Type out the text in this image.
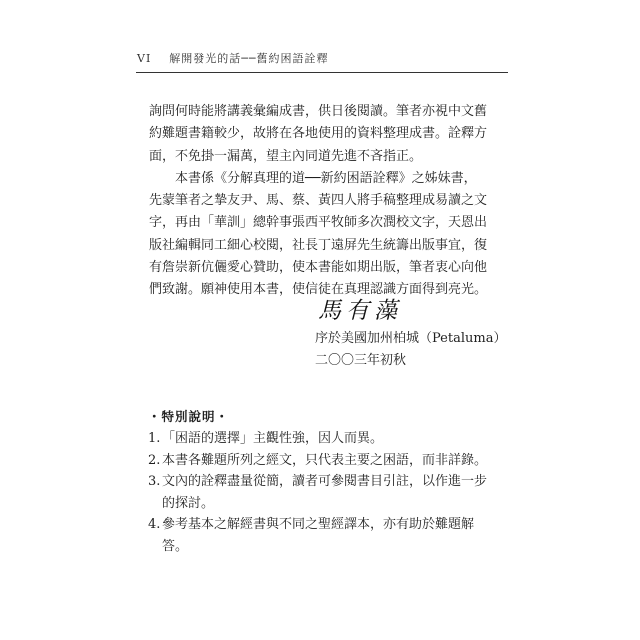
VI 解開發光的話──舊約困語詮釋

詢問何時能將講義彙編成書，供日後閱讀。筆者亦視中文舊
約難題書籍較少，故將在各地使用的資料整理成書。詮釋方
面，不免掛一漏萬，望主內同道先進不吝指正。

本書係《分解真理的道──新約困語詮釋》之姊妹書，
先蒙筆者之摯友尹、馬、蔡、黃四人將手稿整理成易讀之文
字，再由「華訓」總幹事張西平牧師多次潤校文字，天恩出
版社編輯同工細心校閱，社長丁遠屏先生統籌出版事宜，復
有詹崇新伉儷愛心贊助，使本書能如期出版，筆者衷心向他
們致謝。願神使用本書，使信徒在真理認識方面得到亮光。

馬有藻
序於美國加州柏城（Petaluma）
二〇〇三年初秋
・特別說明・
1. 「困語的選擇」主觀性強，因人而異。
2. 本書各難題所列之經文，只代表主要之困語，而非詳錄。
3. 文內的詮釋盡量從簡，讀者可參閱書目引註，以作進一步
的探討。
4. 參考基本之解經書與不同之聖經譯本，亦有助於難題解
答。
